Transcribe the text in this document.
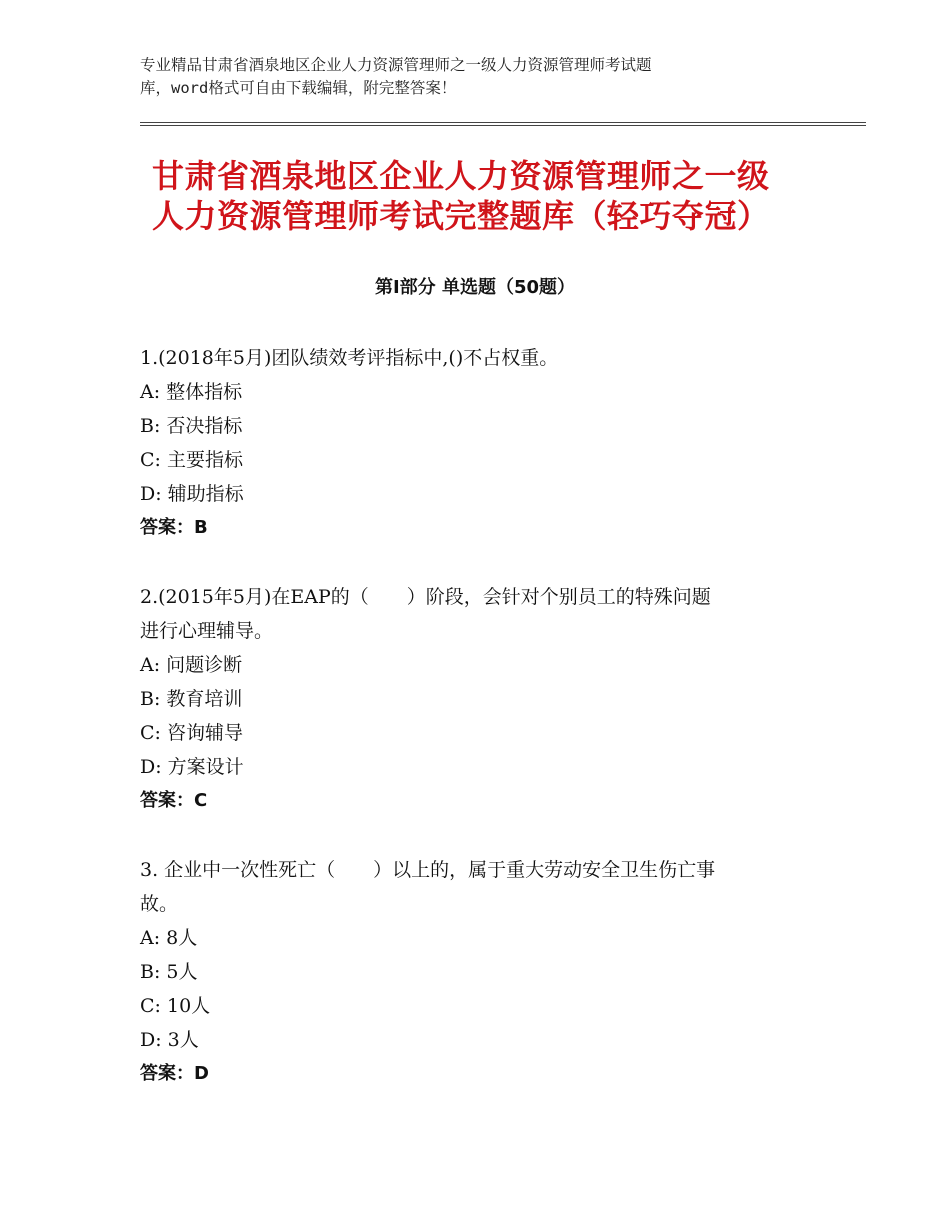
专业精品甘肃省酒泉地区企业人力资源管理师之一级人力资源管理师考试题
库，word格式可自由下载编辑，附完整答案！
甘肃省酒泉地区企业人力资源管理师之一级
人力资源管理师考试完整题库（轻巧夺冠）
第Ⅰ部分 单选题（50题）
1.(2018年5月)团队绩效考评指标中,()不占权重。
A: 整体指标
B: 否决指标
C: 主要指标
D: 辅助指标
答案：B
2.(2015年5月)在EAP的（　　）阶段，会针对个别员工的特殊问题
进行心理辅导。
A: 问题诊断
B: 教育培训
C: 咨询辅导
D: 方案设计
答案：C
3. 企业中一次性死亡（　　）以上的，属于重大劳动安全卫生伤亡事
故。
A: 8人
B: 5人
C: 10人
D: 3人
答案：D
